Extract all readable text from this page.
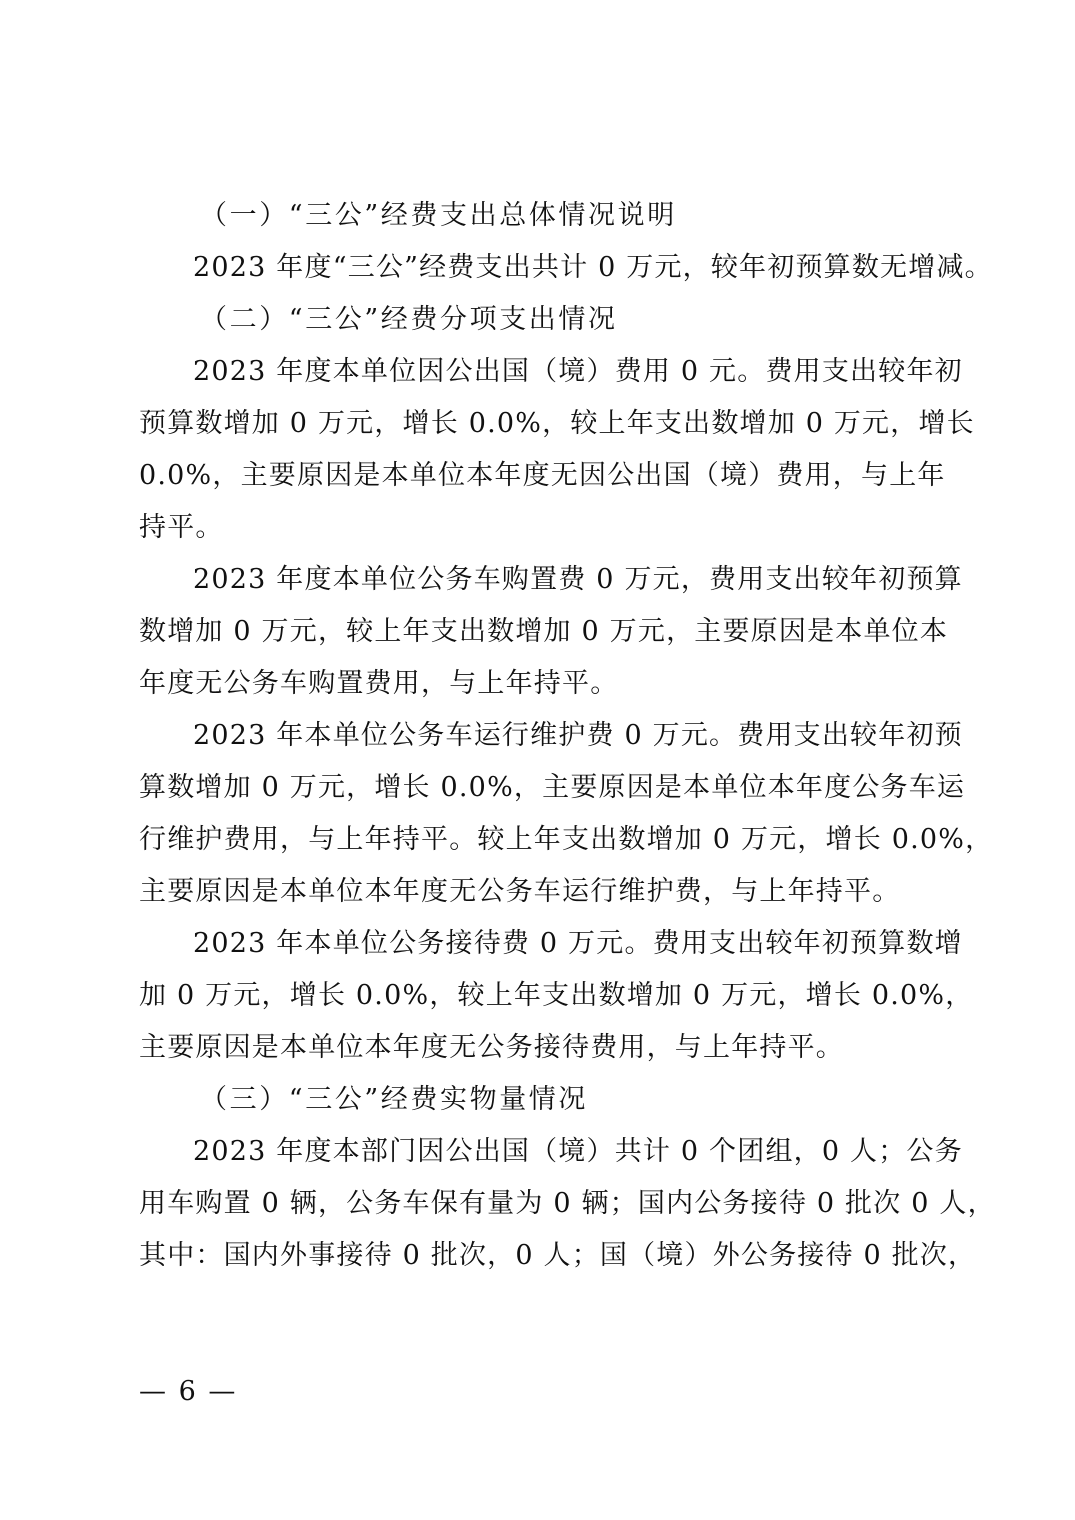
（一）“三公”经费支出总体情况说明
2023 年度“三公”经费支出共计 0 万元，较年初预算数无增减。
（二）“三公”经费分项支出情况
2023 年度本单位因公出国（境）费用 0 元。费用支出较年初
预算数增加 0 万元，增长 0.0%，较上年支出数增加 0 万元，增长
0.0%，主要原因是本单位本年度无因公出国（境）费用，与上年
持平。
2023 年度本单位公务车购置费 0 万元，费用支出较年初预算
数增加 0 万元，较上年支出数增加 0 万元，主要原因是本单位本
年度无公务车购置费用，与上年持平。
2023 年本单位公务车运行维护费 0 万元。费用支出较年初预
算数增加 0 万元，增长 0.0%，主要原因是本单位本年度公务车运
行维护费用，与上年持平。较上年支出数增加 0 万元，增长 0.0%，
主要原因是本单位本年度无公务车运行维护费，与上年持平。
2023 年本单位公务接待费 0 万元。费用支出较年初预算数增
加 0 万元，增长 0.0%，较上年支出数增加 0 万元，增长 0.0%，
主要原因是本单位本年度无公务接待费用，与上年持平。
（三）“三公”经费实物量情况
2023 年度本部门因公出国（境）共计 0 个团组，0 人；公务
用车购置 0 辆，公务车保有量为 0 辆；国内公务接待 0 批次 0 人，
其中：国内外事接待 0 批次，0 人；国（境）外公务接待 0 批次，
— 6 —
